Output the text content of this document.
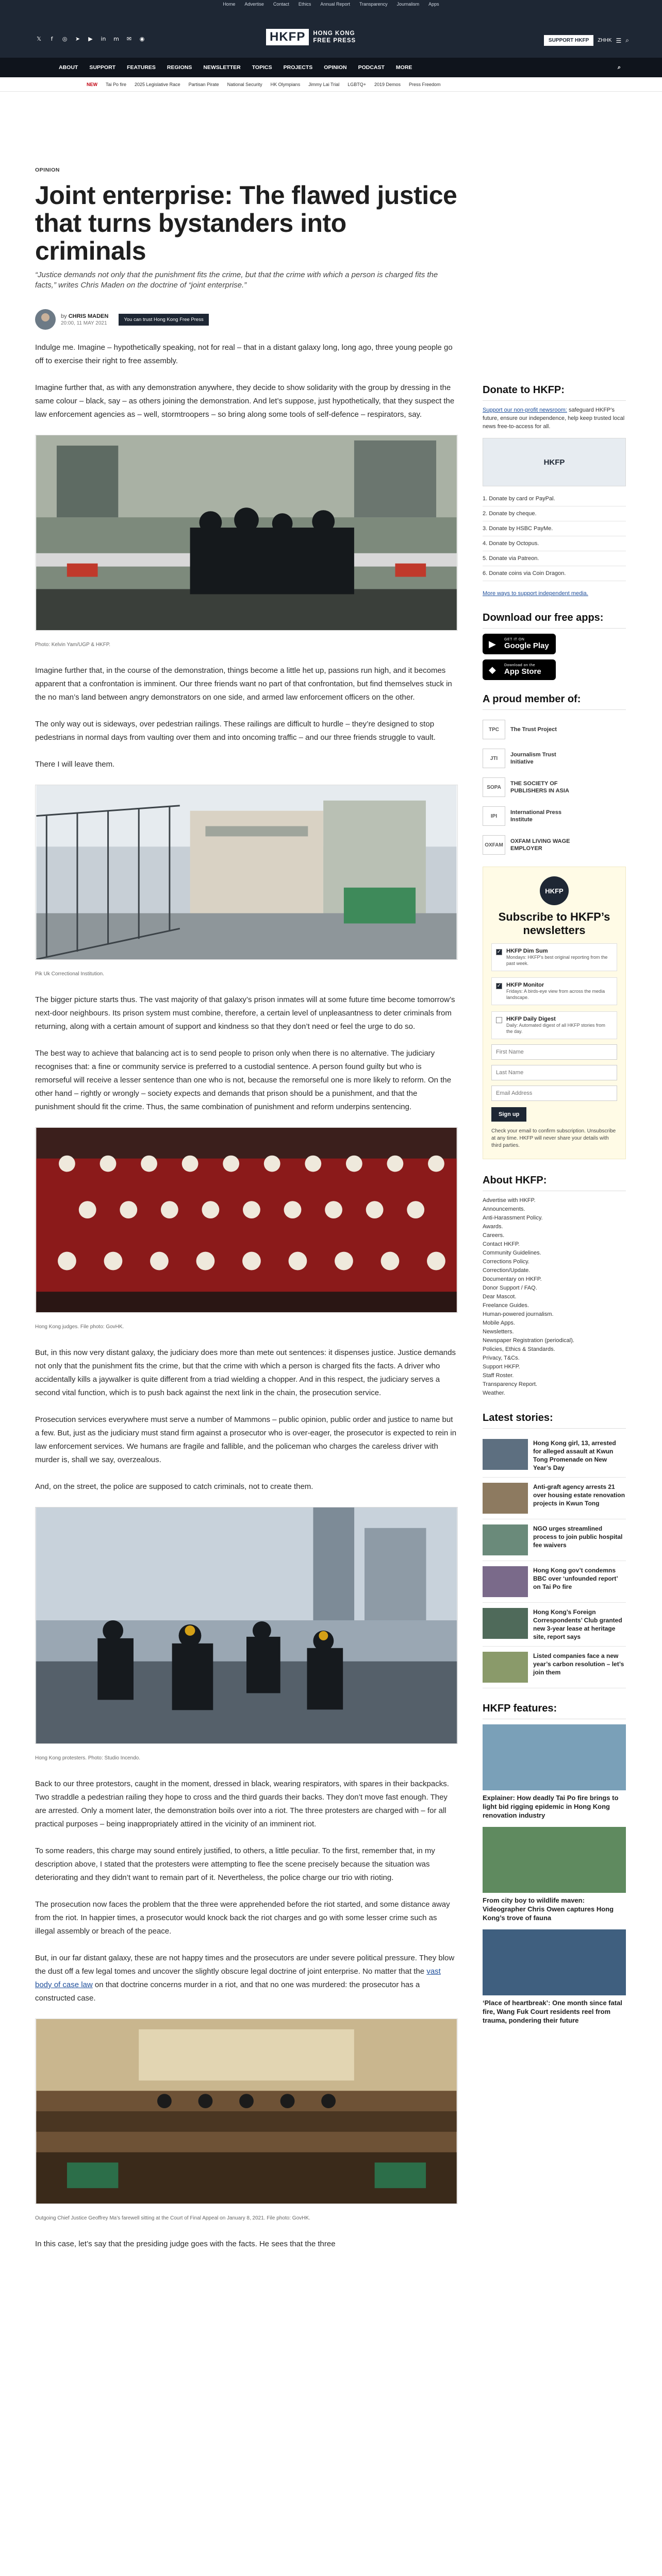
Home Advertise Contact Ethics Annual Report Transparency Journalism Apps
𝕏	f	◎ ➤ ▶ in m ✉ ◉	HKFP	HONG KONG
FREE PRESS	SUPPORT HKFP	ZHHK ☰ ⌕
ABOUT SUPPORT FEATURES REGIONS NEWSLETTER TOPICS PROJECTS OPINION PODCAST MORE	⌕
NEW Tai Po fire 2025 Legislative Race Partisan Pirate National Security HK Olympians Jimmy Lai Trial LGBTQ+ 2019 Demos Press Freedom
OPINION
Joint enterprise: The flawed justice that turns bystanders into criminals

“Justice demands not only that the punishment fits the crime, but that the crime with which a person is charged fits the facts,” writes Chris Maden on the doctrine of “joint enterprise.”

by CHRIS MADEN
20:00, 11 MAY 2021
You can trust Hong Kong Free Press

Indulge me. Imagine – hypothetically speaking, not for real – that in a distant galaxy long, long ago, three young people go off to exercise their right to free assembly.

Imagine further that, as with any demonstration anywhere, they decide to show solidarity with the group by dressing in the same colour – black, say – as others joining the demonstration. And let’s suppose, just hypothetically, that they suspect the law enforcement agencies as – well, stormtroopers – so bring along some tools of self-defence – respirators, say.

Photo: Kelvin Yam/UGP & HKFP.

Imagine further that, in the course of the demonstration, things become a little het up, passions run high, and it becomes apparent that a confrontation is imminent. Our three friends want no part of that confrontation, but find themselves stuck in the no man’s land between angry demonstrators on one side, and armed law enforcement officers on the other.

The only way out is sideways, over pedestrian railings. These railings are difficult to hurdle – they’re designed to stop pedestrians in normal days from vaulting over them and into oncoming traffic – and our three friends struggle to vault.

There I will leave them.

Pik Uk Correctional Institution.

The bigger picture starts thus. The vast majority of that galaxy’s prison inmates will at some future time become tomorrow’s next-door neighbours. Its prison system must combine, therefore, a certain level of unpleasantness to deter criminals from returning, along with a certain amount of support and kindness so that they don’t need or feel the urge to do so.

The best way to achieve that balancing act is to send people to prison only when there is no alternative. The judiciary recognises that: a fine or community service is preferred to a custodial sentence. A person found guilty but who is remorseful will receive a lesser sentence than one who is not, because the remorseful one is more likely to reform. On the other hand – rightly or wrongly – society expects and demands that prison should be a punishment, and that the punishment should fit the crime. Thus, the same combination of punishment and reform underpins sentencing.

Hong Kong judges. File photo: GovHK.

But, in this now very distant galaxy, the judiciary does more than mete out sentences: it dispenses justice. Justice demands not only that the punishment fits the crime, but that the crime with which a person is charged fits the facts. A driver who accidentally kills a jaywalker is quite different from a triad wielding a chopper. And in this respect, the judiciary serves a second vital function, which is to push back against the next link in the chain, the prosecution service.

Prosecution services everywhere must serve a number of Mammons – public opinion, public order and justice to name but a few. But, just as the judiciary must stand firm against a prosecutor who is over-eager, the prosecutor is expected to rein in law enforcement services. We humans are fragile and fallible, and the policeman who charges the careless driver with murder is, shall we say, overzealous.

And, on the street, the police are supposed to catch criminals, not to create them.

Hong Kong protesters. Photo: Studio Incendo.

Back to our three protestors, caught in the moment, dressed in black, wearing respirators, with spares in their backpacks. Two straddle a pedestrian railing they hope to cross and the third guards their backs. They don’t move fast enough. They are arrested. Only a moment later, the demonstration boils over into a riot. The three protesters are charged with – for all practical purposes – being inappropriately attired in the vicinity of an imminent riot.

To some readers, this charge may sound entirely justified, to others, a little peculiar. To the first, remember that, in my description above, I stated that the protesters were attempting to flee the scene precisely because the situation was deteriorating and they didn’t want to remain part of it. Nevertheless, the police charge our trio with rioting.

The prosecution now faces the problem that the three were apprehended before the riot started, and some distance away from the riot. In happier times, a prosecutor would knock back the riot charges and go with some lesser crime such as illegal assembly or breach of the peace.

But, in our far distant galaxy, these are not happy times and the prosecutors are under severe political pressure. They blow the dust off a few legal tomes and uncover the slightly obscure legal doctrine of joint enterprise. No matter that the vast body of case law on that doctrine concerns murder in a riot, and that no one was murdered: the prosecutor has a constructed case.

Outgoing Chief Justice Geoffrey Ma’s farewell sitting at the Court of Final Appeal on January 8, 2021. File photo: GovHK.

In this case, let’s say that the presiding judge goes with the facts. He sees that the three

Donate to HKFP:
Support our non-profit newsroom: safeguard HKFP’s future, ensure our independence, help keep trusted local news free-to-access for all.
HKFP
1. Donate by card or PayPal.
2. Donate by cheque.
3. Donate by HSBC PayMe.
4. Donate by Octopus.
5. Donate via Patreon.
6. Donate coins via Coin Dragon.
More ways to support independent media.
Download our free apps:
▶ GET IT ON
Google Play
◆ Download on the
App Store
A proud member of:
TPC	The Trust Project
JTI
Journalism Trust Initiative
SOPA
THE SOCIETY OF PUBLISHERS IN ASIA
IPI
International Press Institute
OXFAM
OXFAM LIVING WAGE EMPLOYER
HKFP
Subscribe to HKFP’s newsletters
✓ HKFP Dim Sum
Mondays: HKFP’s best original reporting from the past week.
✓ HKFP Monitor
Fridays: A birds-eye view from across the media landscape.
HKFP Daily Digest
Daily: Automated digest of all HKFP stories from the day.
First Name Last Name Email Address Sign up
Check your email to confirm subscription. Unsubscribe at any time. HKFP will never share your details with third parties.
About HKFP:
Advertise with HKFP.
Announcements.
Anti-Harassment Policy.
Awards.
Careers.
Contact HKFP.
Community Guidelines.
Corrections Policy.
Correction/Update.
Documentary on HKFP.
Donor Support / FAQ.
Dear Mascot.
Freelance Guides.
Human-powered journalism.
Mobile Apps.
Newsletters.
Newspaper Registration (periodical).
Policies, Ethics & Standards.
Privacy, T&Cs.
Support HKFP.
Staff Roster.
Transparency Report.
Weather.
Latest stories:
Hong Kong girl, 13, arrested for alleged assault at Kwun Tong Promenade on New Year’s Day
Anti-graft agency arrests 21 over housing estate renovation projects in Kwun Tong
NGO urges streamlined process to join public hospital fee waivers
Hong Kong gov’t condemns BBC over ‘unfounded report’ on Tai Po fire
Hong Kong’s Foreign Correspondents’ Club granted new 3-year lease at heritage site, report says
Listed companies face a new year’s carbon resolution – let’s join them
HKFP features:
Explainer: How deadly Tai Po fire brings to light bid rigging epidemic in Hong Kong renovation industry
From city boy to wildlife maven: Videographer Chris Owen captures Hong Kong’s trove of fauna
‘Place of heartbreak’: One month since fatal fire, Wang Fuk Court residents reel from trauma, pondering their future
